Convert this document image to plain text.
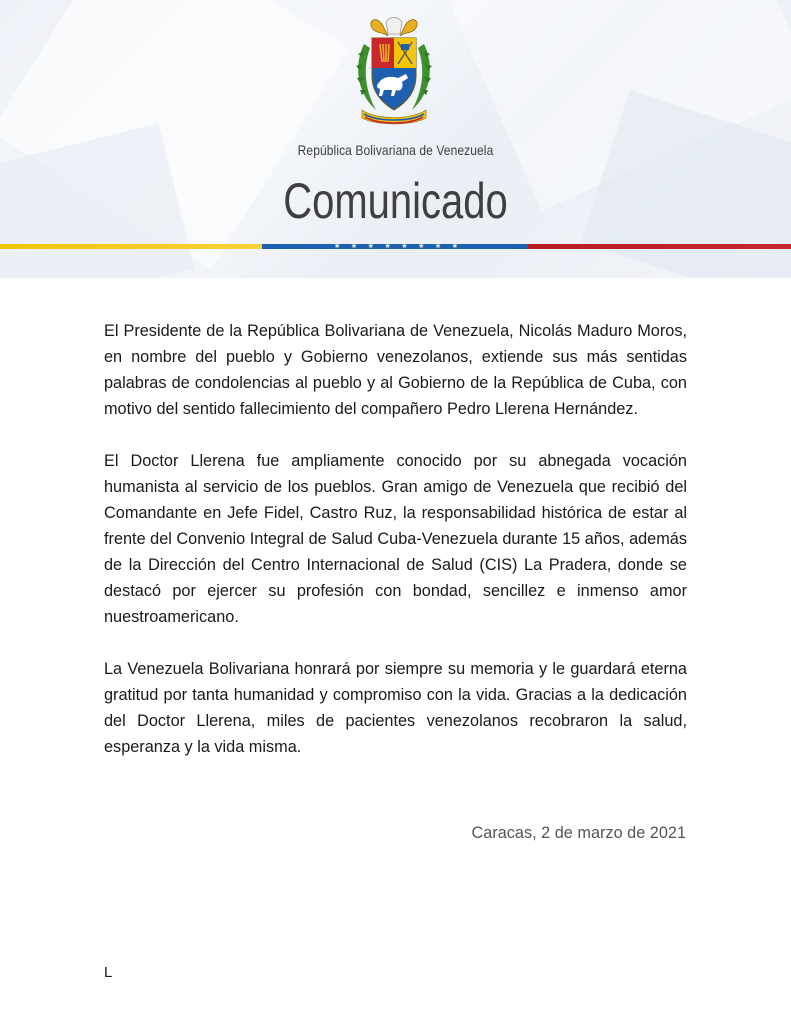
República Bolivariana de Venezuela
Comunicado
★ ★ ★ ★ ★ ★ ★ ★

El Presidente de la República Bolivariana de Venezuela, Nicolás Maduro Moros, en nombre del pueblo y Gobierno venezolanos, extiende sus más sentidas palabras de condolencias al pueblo y al Gobierno de la República de Cuba, con motivo del sentido fallecimiento del compañero Pedro Llerena Hernández.

El Doctor Llerena fue ampliamente conocido por su abnegada vocación humanista al servicio de los pueblos. Gran amigo de Venezuela que recibió del Comandante en Jefe Fidel, Castro Ruz, la responsabilidad histórica de estar al frente del Convenio Integral de Salud Cuba-Venezuela durante 15 años, además de la Dirección del Centro Internacional de Salud (CIS) La Pradera, donde se destacó por ejercer su profesión con bondad, sencillez e inmenso amor nuestroamericano.

La Venezuela Bolivariana honrará por siempre su memoria y le guardará eterna gratitud por tanta humanidad y compromiso con la vida. Gracias a la dedicación del Doctor Llerena, miles de pacientes venezolanos recobraron la salud, esperanza y la vida misma.

Caracas, 2 de marzo de 2021
L
